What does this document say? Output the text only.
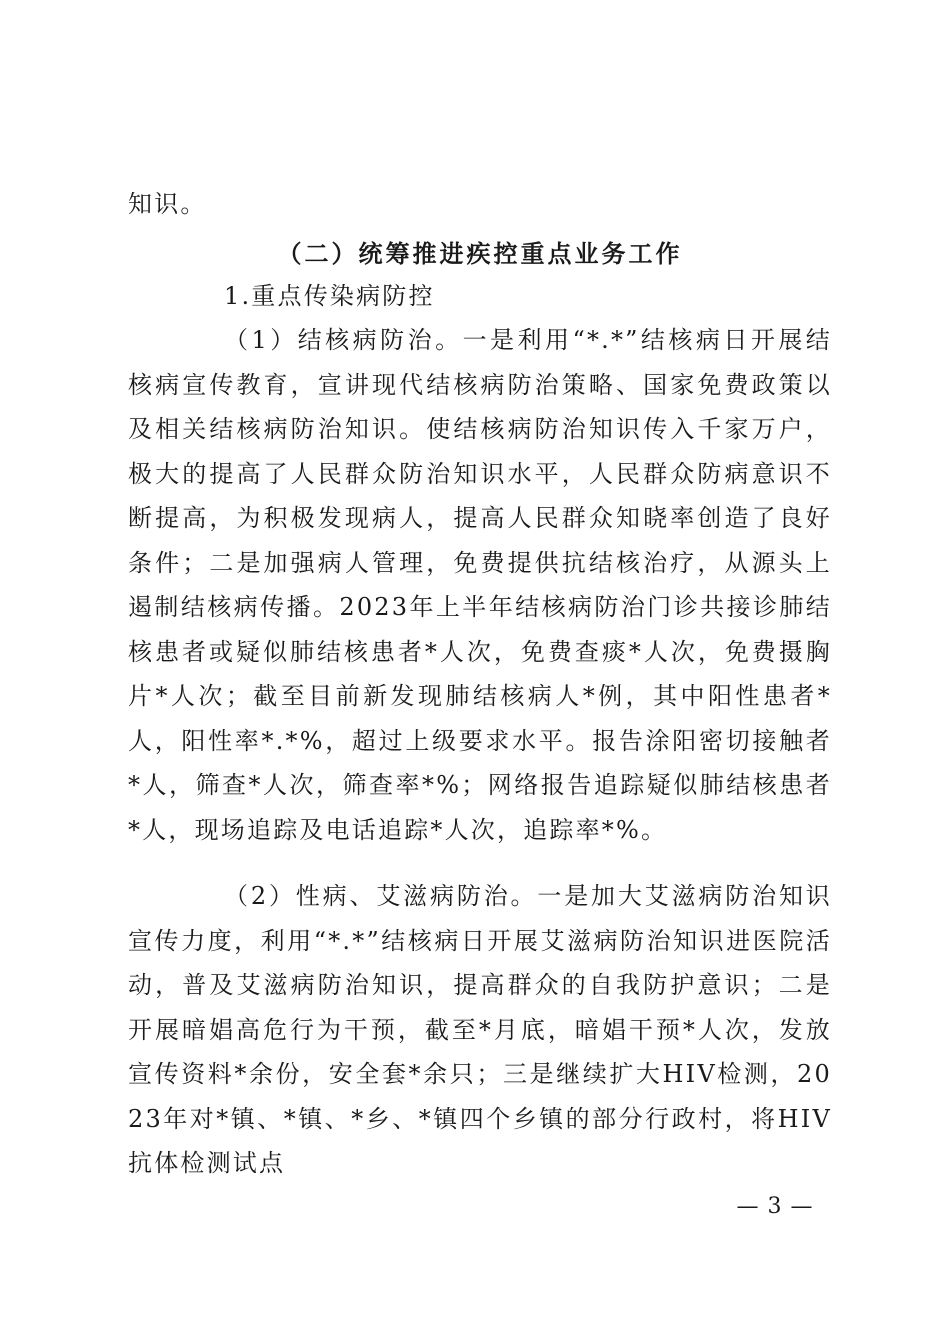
知识。

（二）统筹推进疾控重点业务工作

1.重点传染病防控

（1）结核病防治。一是利用“*.*”结核病日开展结核病宣传教育，宣讲现代结核病防治策略、国家免费政策以及相关结核病防治知识。使结核病防治知识传入千家万户，极大的提高了人民群众防治知识水平，人民群众防病意识不断提高，为积极发现病人，提高人民群众知晓率创造了良好条件；二是加强病人管理，免费提供抗结核治疗，从源头上遏制结核病传播。2023年上半年结核病防治门诊共接诊肺结核患者或疑似肺结核患者*人次，免费查痰*人次，免费摄胸片*人次；截至目前新发现肺结核病人*例，其中阳性患者*人，阳性率*.*%，超过上级要求水平。报告涂阳密切接触者*人，筛查*人次，筛查率*%；网络报告追踪疑似肺结核患者*人，现场追踪及电话追踪*人次，追踪率*%。

（2）性病、艾滋病防治。一是加大艾滋病防治知识宣传力度，利用“*.*”结核病日开展艾滋病防治知识进医院活动，普及艾滋病防治知识，提高群众的自我防护意识；二是开展暗娼高危行为干预，截至*月底，暗娼干预*人次，发放宣传资料*余份，安全套*余只；三是继续扩大HIV检测，2023年对*镇、*镇、*乡、*镇四个乡镇的部分行政村，将HIV抗体检测试点

— 3 —
